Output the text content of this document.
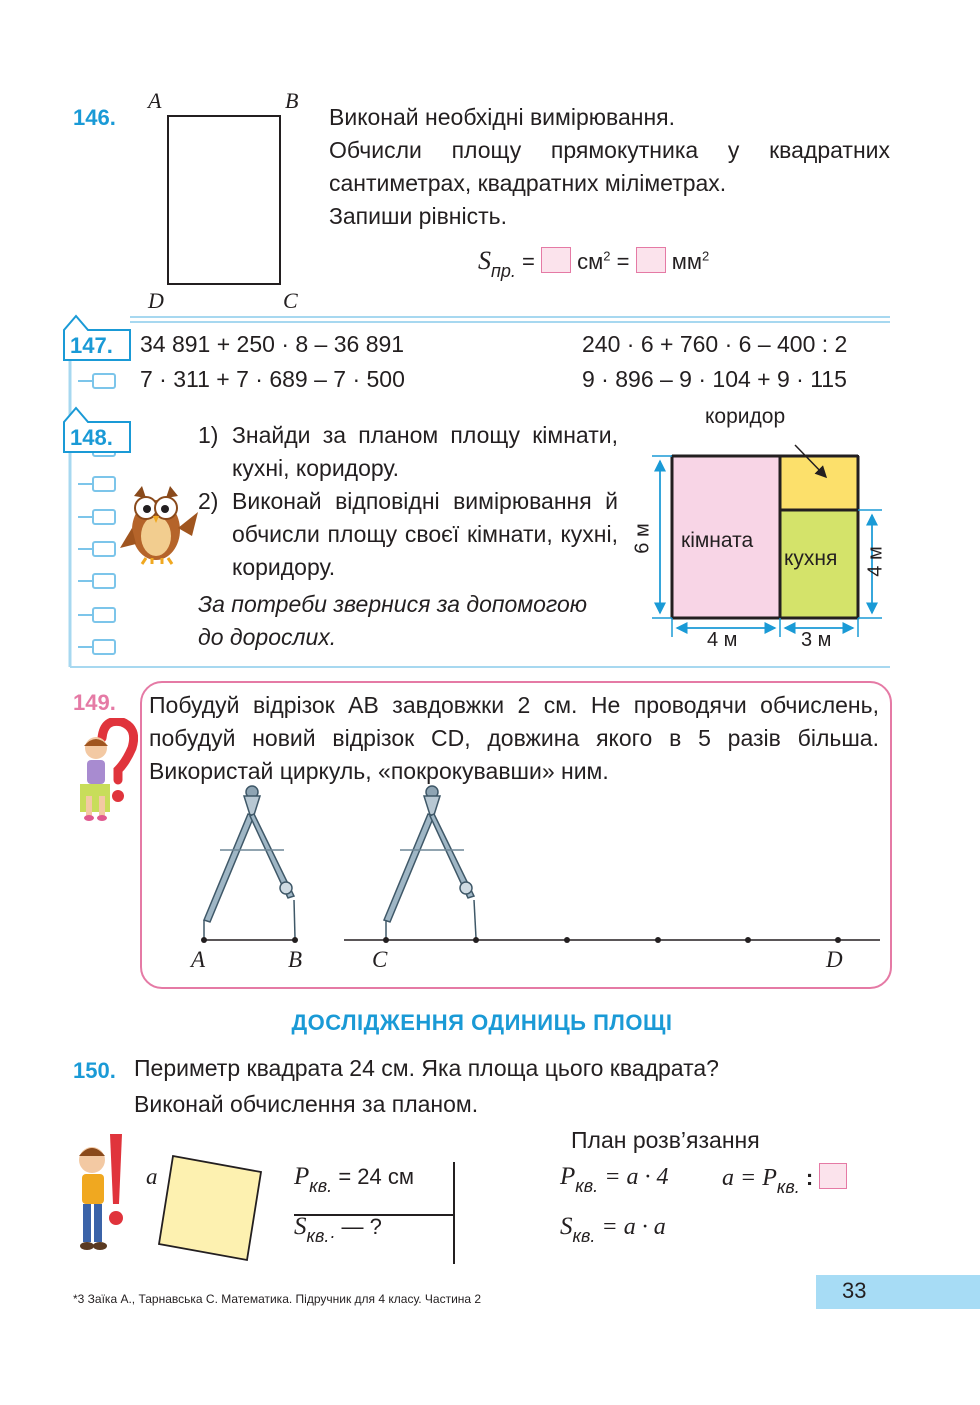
146.
A	B
C
D
Виконай необхідні вимірювання.
Обчисли площу прямокутника у квадратних сантиметрах, квадратних міліметрах.
Запиши рівність.
$S_{пр.} = см^2 = мм^2$
147.
148.
34 891 + 250 · 8 – 36 891	240 · 6 + 760 · 6 – 400 : 2
7 · 311 + 7 · 689 – 7 · 500	9 · 896 – 9 · 104 + 9 · 115
1) Знайди за планом площу кімнати, кухні, коридору.
2) Виконай відповідні вимірювання й обчисли площу своєї кімнати, кухні, коридору.
За потреби звернися за допомогою до дорослих.
коридор
кімната
кухня
6 м
4 м
4 м	3 м
149. Побудуй відрізок AB завдовжки 2 см. Не проводячи обчислень, побудуй новий відрізок CD, довжина якого в 5 разів більша. Використай циркуль, «покрокувавши» ним.
A	B	C	D
ДОСЛІДЖЕННЯ ОДИНИЦЬ ПЛОЩІ
150. Периметр квадрата 24 см. Яка площа цього квадрата?
Виконай обчислення за планом.
a	$P_{кв.} = 24$ см
$S_{кв.\cdot}$ — ?
План розв’язання
$P_{кв.} = a \cdot 4$ $a = P_{кв.}$ :
$S_{кв.} = a \cdot a$
*3 Заїка А., Тарнавська С. Математика. Підручник для 4 класу. Частина 2	33
